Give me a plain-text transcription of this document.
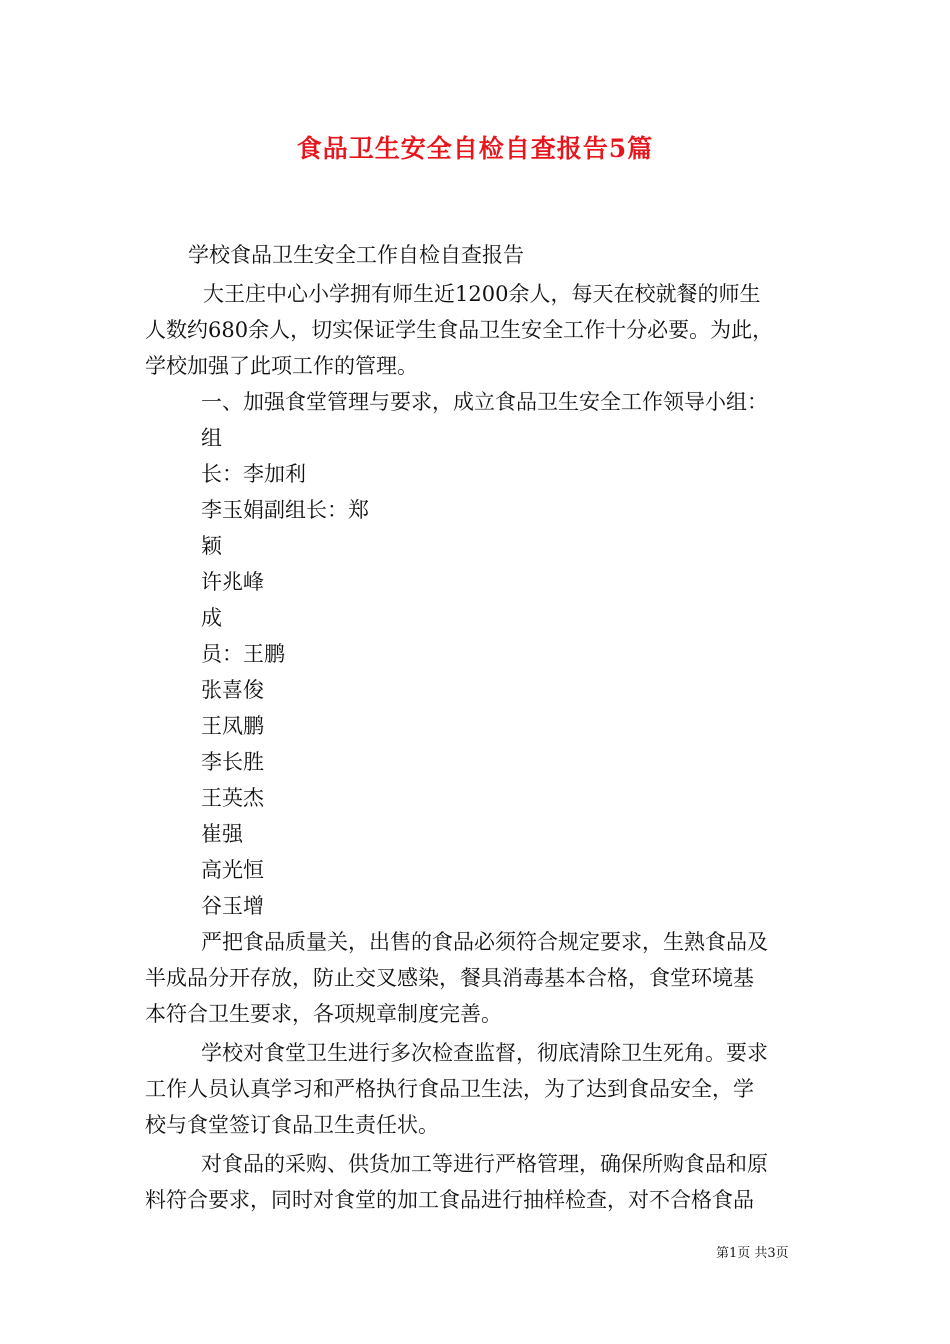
食品卫生安全自检自查报告5篇

学校食品卫生安全工作自检自查报告

大王庄中心小学拥有师生近1200余人，每天在校就餐的师生

人数约680余人，切实保证学生食品卫生安全工作十分必要。为此，

学校加强了此项工作的管理。

一、加强食堂管理与要求，成立食品卫生安全工作领导小组：

组

长：李加利

李玉娟副组长：郑

颖

许兆峰

成

员：王鹏

张喜俊

王凤鹏

李长胜

王英杰

崔强

高光恒

谷玉增

严把食品质量关，出售的食品必须符合规定要求，生熟食品及

半成品分开存放，防止交叉感染，餐具消毒基本合格，食堂环境基

本符合卫生要求，各项规章制度完善。

学校对食堂卫生进行多次检查监督，彻底清除卫生死角。要求

工作人员认真学习和严格执行食品卫生法，为了达到食品安全，学

校与食堂签订食品卫生责任状。

对食品的采购、供货加工等进行严格管理，确保所购食品和原

料符合要求，同时对食堂的加工食品进行抽样检查，对不合格食品

第1页 共3页
